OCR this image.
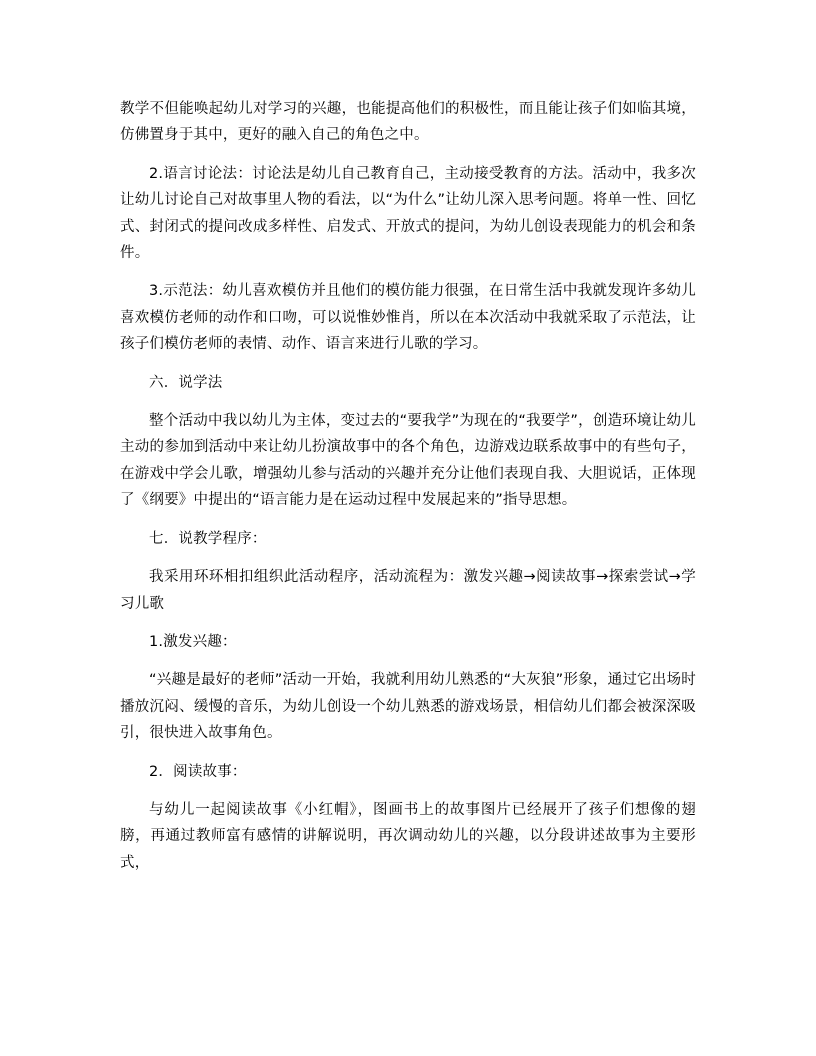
教学不但能唤起幼儿对学习的兴趣，也能提高他们的积极性，而且能让孩子们如临其境，仿佛置身于其中，更好的融入自己的角色之中。

2.语言讨论法：讨论法是幼儿自己教育自己，主动接受教育的方法。活动中，我多次让幼儿讨论自己对故事里人物的看法，以“为什么”让幼儿深入思考问题。将单一性、回忆式、封闭式的提问改成多样性、启发式、开放式的提问，为幼儿创设表现能力的机会和条件。

3.示范法：幼儿喜欢模仿并且他们的模仿能力很强，在日常生活中我就发现许多幼儿喜欢模仿老师的动作和口吻，可以说惟妙惟肖，所以在本次活动中我就采取了示范法，让孩子们模仿老师的表情、动作、语言来进行儿歌的学习。

六．说学法

整个活动中我以幼儿为主体，变过去的“要我学”为现在的“我要学”，创造环境让幼儿主动的参加到活动中来让幼儿扮演故事中的各个角色，边游戏边联系故事中的有些句子，在游戏中学会儿歌，增强幼儿参与活动的兴趣并充分让他们表现自我、大胆说话，正体现了《纲要》中提出的“语言能力是在运动过程中发展起来的”指导思想。

七．说教学程序：

我采用环环相扣组织此活动程序，活动流程为：激发兴趣→阅读故事→探索尝试→学习儿歌

1.激发兴趣：

“兴趣是最好的老师”活动一开始，我就利用幼儿熟悉的“大灰狼”形象，通过它出场时播放沉闷、缓慢的音乐，为幼儿创设一个幼儿熟悉的游戏场景，相信幼儿们都会被深深吸引，很快进入故事角色。

2．阅读故事：

与幼儿一起阅读故事《小红帽》，图画书上的故事图片已经展开了孩子们想像的翅膀，再通过教师富有感情的讲解说明，再次调动幼儿的兴趣，以分段讲述故事为主要形式，
